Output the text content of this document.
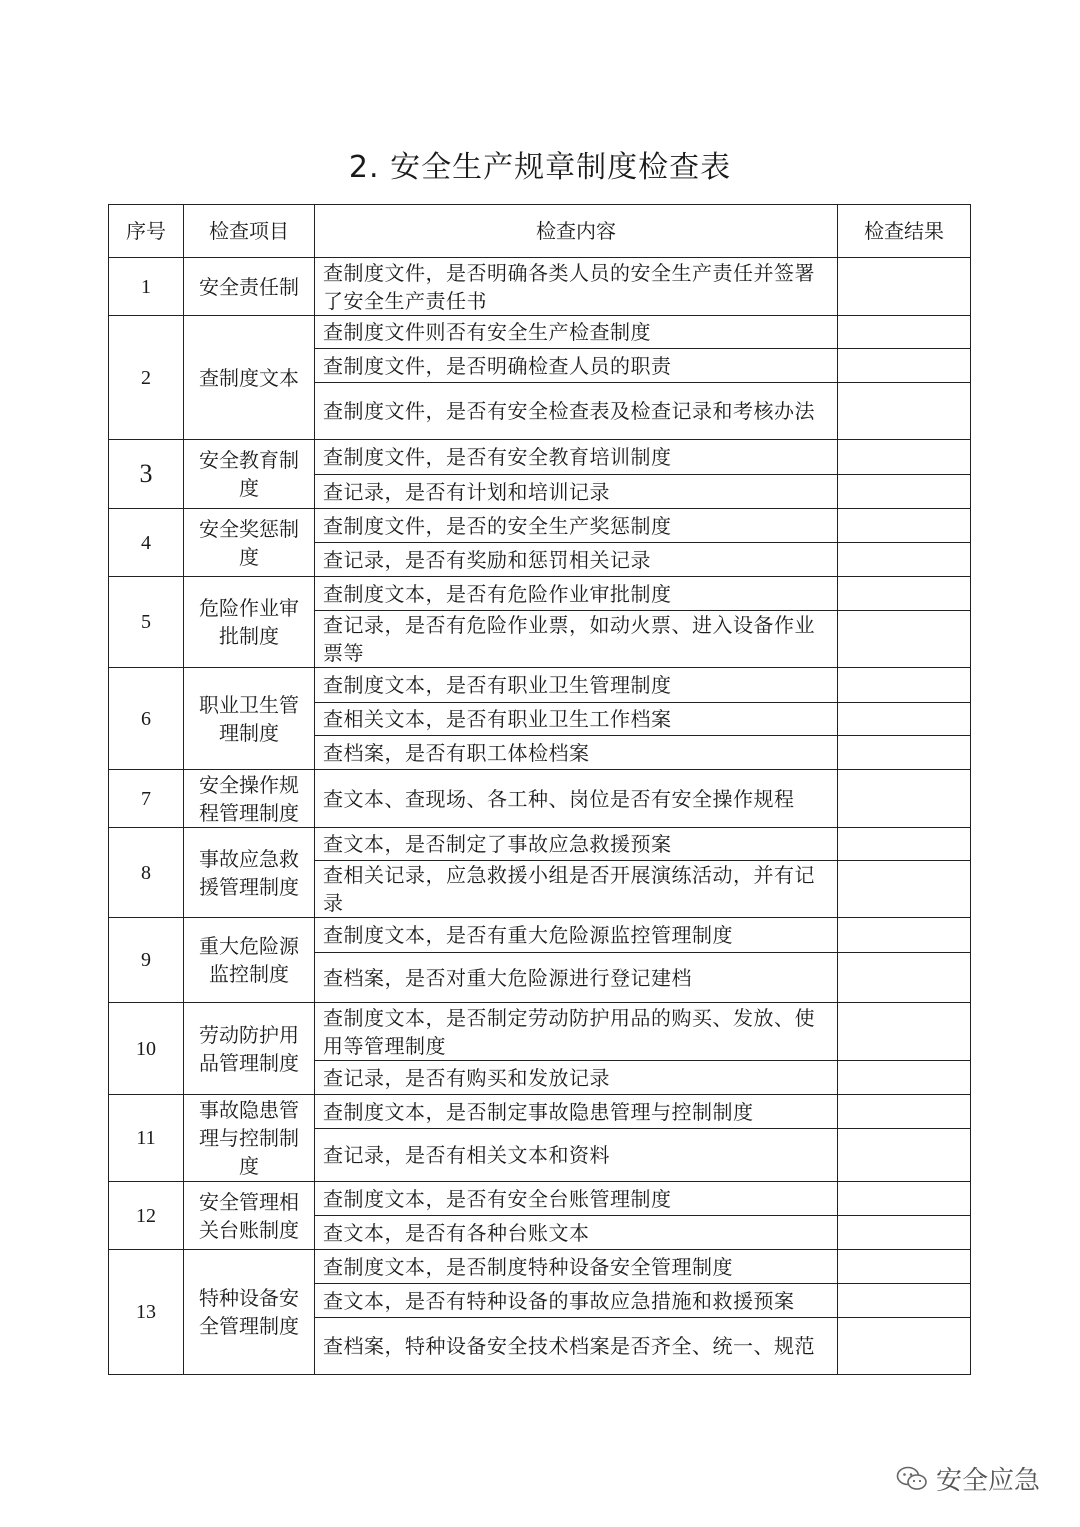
2. 安全生产规章制度检查表
序号	检查项目	检查内容	检查结果
1	安全责任制	查制度文件，是否明确各类人员的安全生产责任并签署了安全生产责任书	
2	查制度文本	查制度文件则否有安全生产检查制度	
		查制度文件，是否明确检查人员的职责	
		查制度文件，是否有安全检查表及检查记录和考核办法	
3	安全教育制度	查制度文件，是否有安全教育培训制度	
		查记录，是否有计划和培训记录	
4	安全奖惩制度	查制度文件，是否的安全生产奖惩制度	
		查记录，是否有奖励和惩罚相关记录	
5	危险作业审批制度	查制度文本，是否有危险作业审批制度	
		查记录，是否有危险作业票，如动火票、进入设备作业票等	
6	职业卫生管理制度	查制度文本，是否有职业卫生管理制度	
		查相关文本，是否有职业卫生工作档案	
		查档案，是否有职工体检档案	
7	安全操作规程管理制度	查文本、查现场、各工种、岗位是否有安全操作规程	
8	事故应急救援管理制度	查文本，是否制定了事故应急救援预案	
		查相关记录，应急救援小组是否开展演练活动，并有记录	
9	重大危险源监控制度	查制度文本，是否有重大危险源监控管理制度	
		查档案，是否对重大危险源进行登记建档	
10	劳动防护用品管理制度	查制度文本，是否制定劳动防护用品的购买、发放、使用等管理制度	
		查记录，是否有购买和发放记录	
11	事故隐患管理与控制制度	查制度文本，是否制定事故隐患管理与控制制度	
		查记录，是否有相关文本和资料	
12	安全管理相关台账制度	查制度文本，是否有安全台账管理制度	
		查文本，是否有各种台账文本	
13	特种设备安全管理制度	查制度文本，是否制度特种设备安全管理制度	
		查文本，是否有特种设备的事故应急措施和救援预案	
		查档案，特种设备安全技术档案是否齐全、统一、规范	
安全应急
